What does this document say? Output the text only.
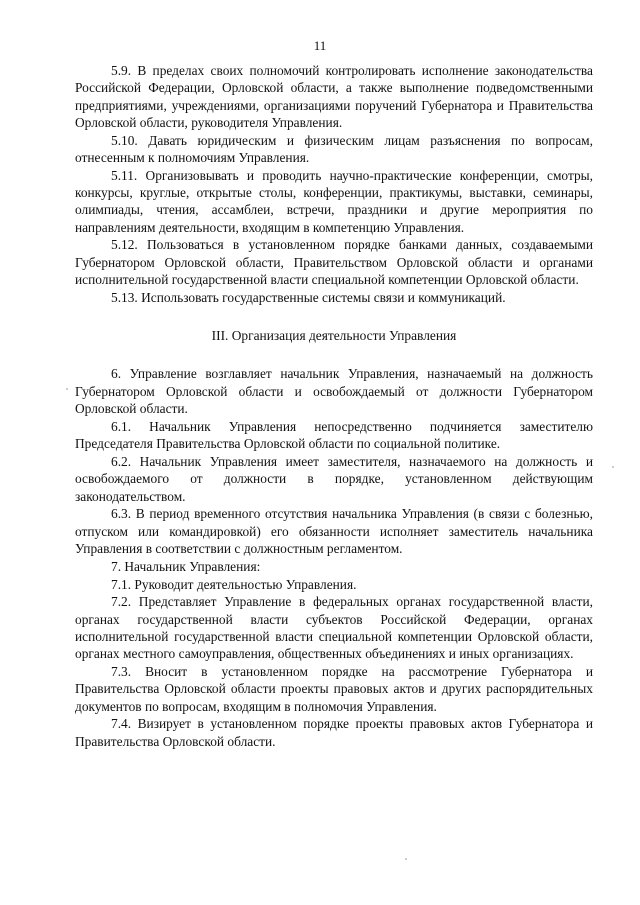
11

5.9. В пределах своих полномочий контролировать исполнение законодательства Российской Федерации, Орловской области, а также выполнение подведомственными предприятиями, учреждениями, организациями поручений Губернатора и Правительства Орловской области, руководителя Управления.

5.10. Давать юридическим и физическим лицам разъяснения по вопросам, отнесенным к полномочиям Управления.

5.11. Организовывать и проводить научно-практические конференции, смотры, конкурсы, круглые, открытые столы, конференции, практикумы, выставки, семинары, олимпиады, чтения, ассамблеи, встречи, праздники и другие мероприятия по направлениям деятельности, входящим в компетенцию Управления.

5.12. Пользоваться в установленном порядке банками данных, создаваемыми Губернатором Орловской области, Правительством Орловской области и органами исполнительной государственной власти специальной компетенции Орловской области.

5.13. Использовать государственные системы связи и коммуникаций.

III. Организация деятельности Управления

6. Управление возглавляет начальник Управления, назначаемый на должность Губернатором Орловской области и освобождаемый от должности Губернатором Орловской области.

6.1. Начальник Управления непосредственно подчиняется заместителю Председателя Правительства Орловской области по социальной политике.

6.2. Начальник Управления имеет заместителя, назначаемого на должность и освобождаемого от должности в порядке, установленном действующим законодательством.

6.3. В период временного отсутствия начальника Управления (в связи с болезнью, отпуском или командировкой) его обязанности исполняет заместитель начальника Управления в соответствии с должностным регламентом.

7. Начальник Управления:

7.1. Руководит деятельностью Управления.

7.2. Представляет Управление в федеральных органах государственной власти, органах государственной власти субъектов Российской Федерации, органах исполнительной государственной власти специальной компетенции Орловской области, органах местного самоуправления, общественных объединениях и иных организациях.

7.3. Вносит в установленном порядке на рассмотрение Губернатора и Правительства Орловской области проекты правовых актов и других распорядительных документов по вопросам, входящим в полномочия Управления.

7.4. Визирует в установленном порядке проекты правовых актов Губернатора и Правительства Орловской области.
